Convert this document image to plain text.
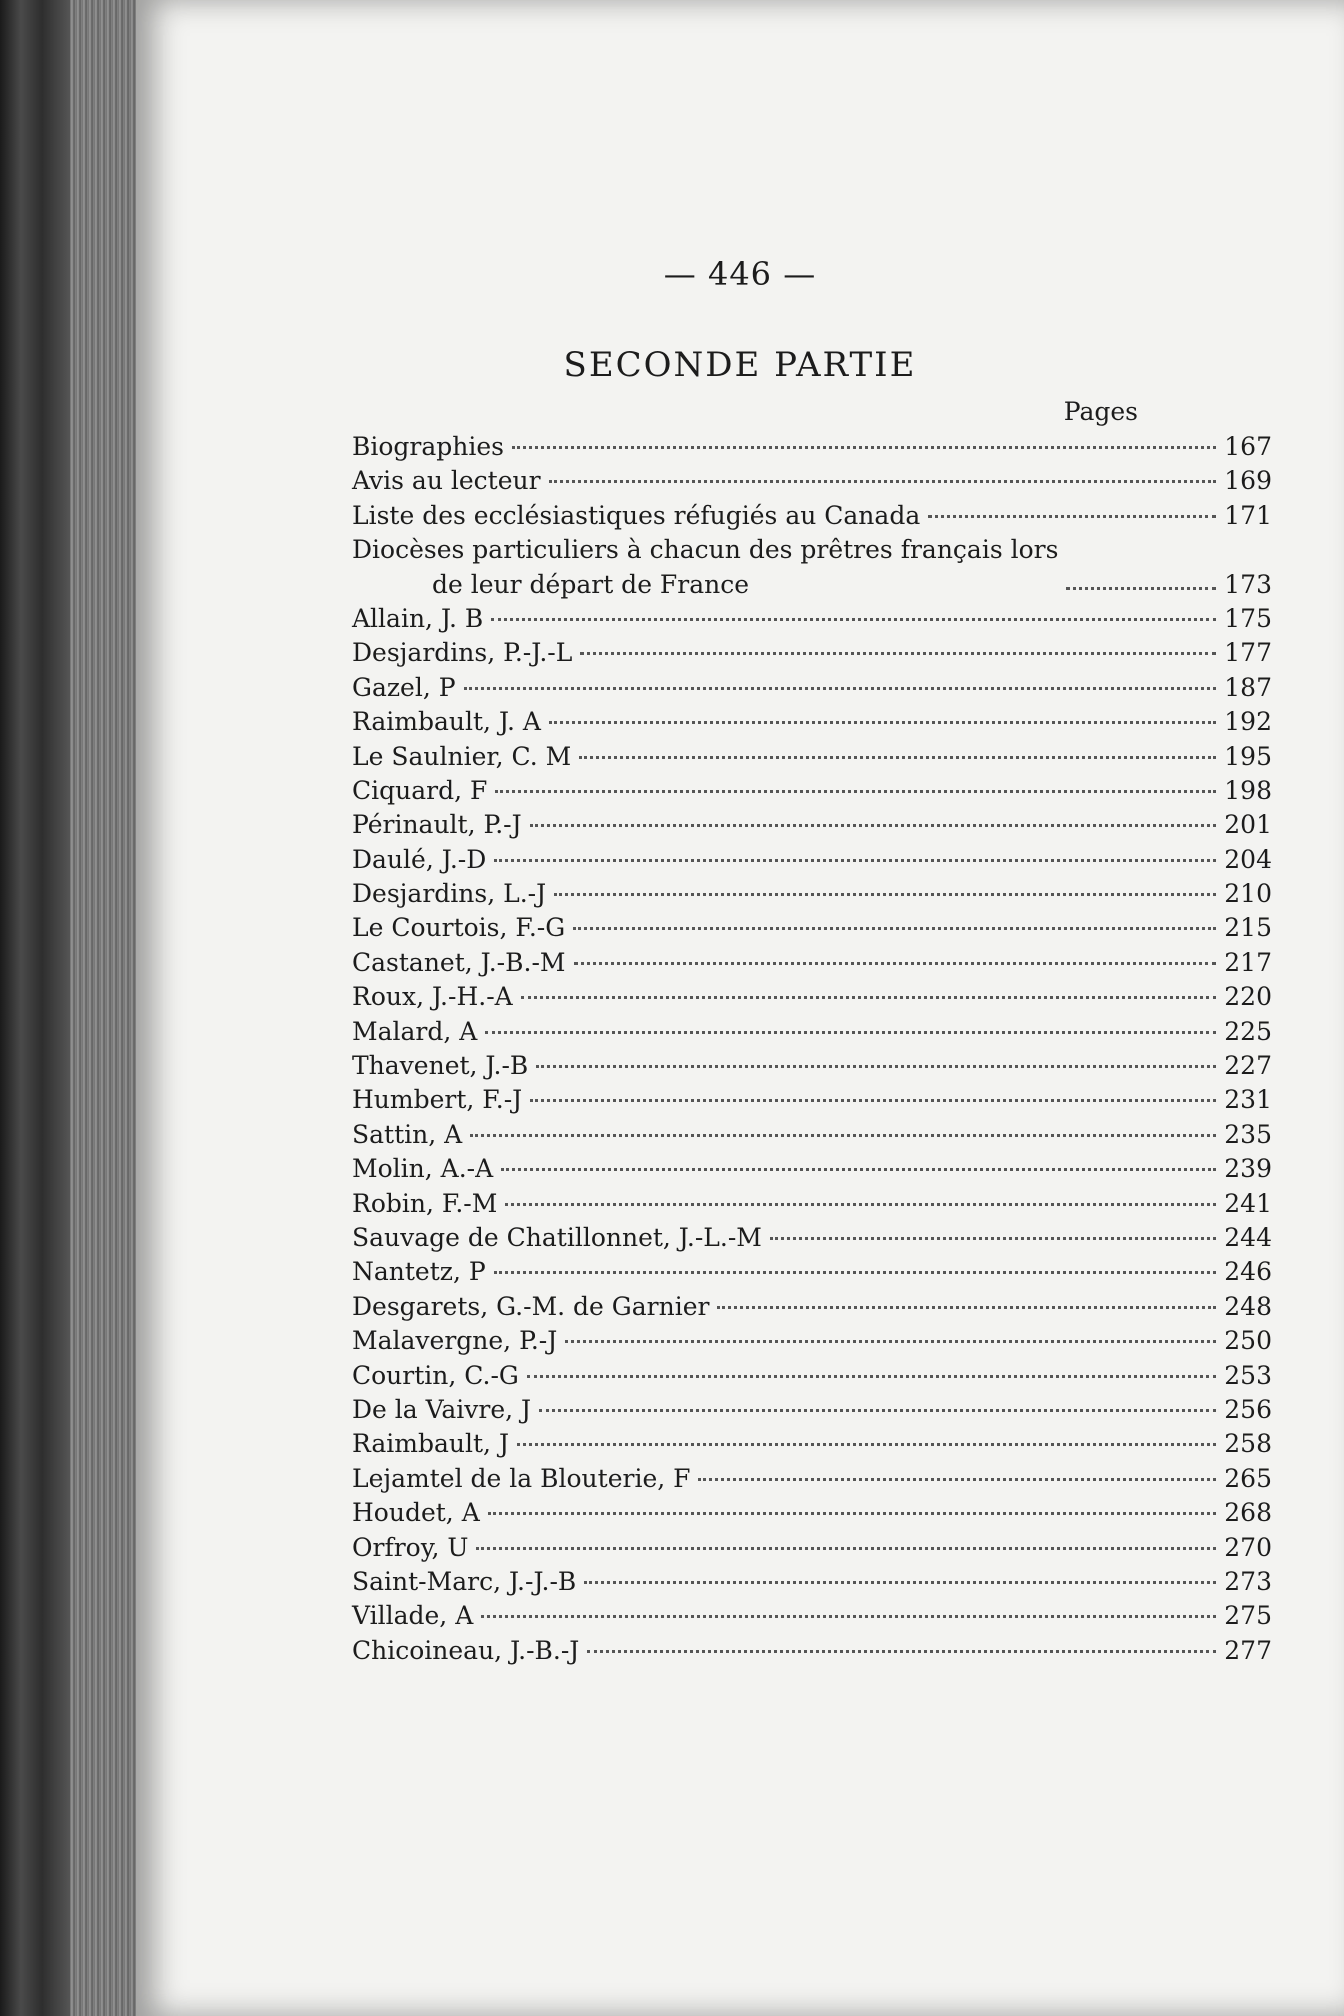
— 446 —
SECONDE PARTIE
Pages
Biographies	167
Avis au lecteur	169
Liste des ecclésiastiques réfugiés au Canada	171
Diocèses particuliers à chacun des prêtres français lors
de leur départ de France	173
Allain, J. B	175
Desjardins, P.-J.-L	177
Gazel, P	187
Raimbault, J. A	192
Le Saulnier, C. M	195
Ciquard, F	198
Périnault, P.-J	201
Daulé, J.-D	204
Desjardins, L.-J	210
Le Courtois, F.-G	215
Castanet, J.-B.-M	217
Roux, J.-H.-A	220
Malard, A	225
Thavenet, J.-B	227
Humbert, F.-J	231
Sattin, A	235
Molin, A.-A	239
Robin, F.-M	241
Sauvage de Chatillonnet, J.-L.-M	244
Nantetz, P	246
Desgarets, G.-M. de Garnier	248
Malavergne, P.-J	250
Courtin, C.-G	253
De la Vaivre, J	256
Raimbault, J	258
Lejamtel de la Blouterie, F	265
Houdet, A	268
Orfroy, U	270
Saint-Marc, J.-J.-B	273
Villade, A	275
Chicoineau, J.-B.-J	277
